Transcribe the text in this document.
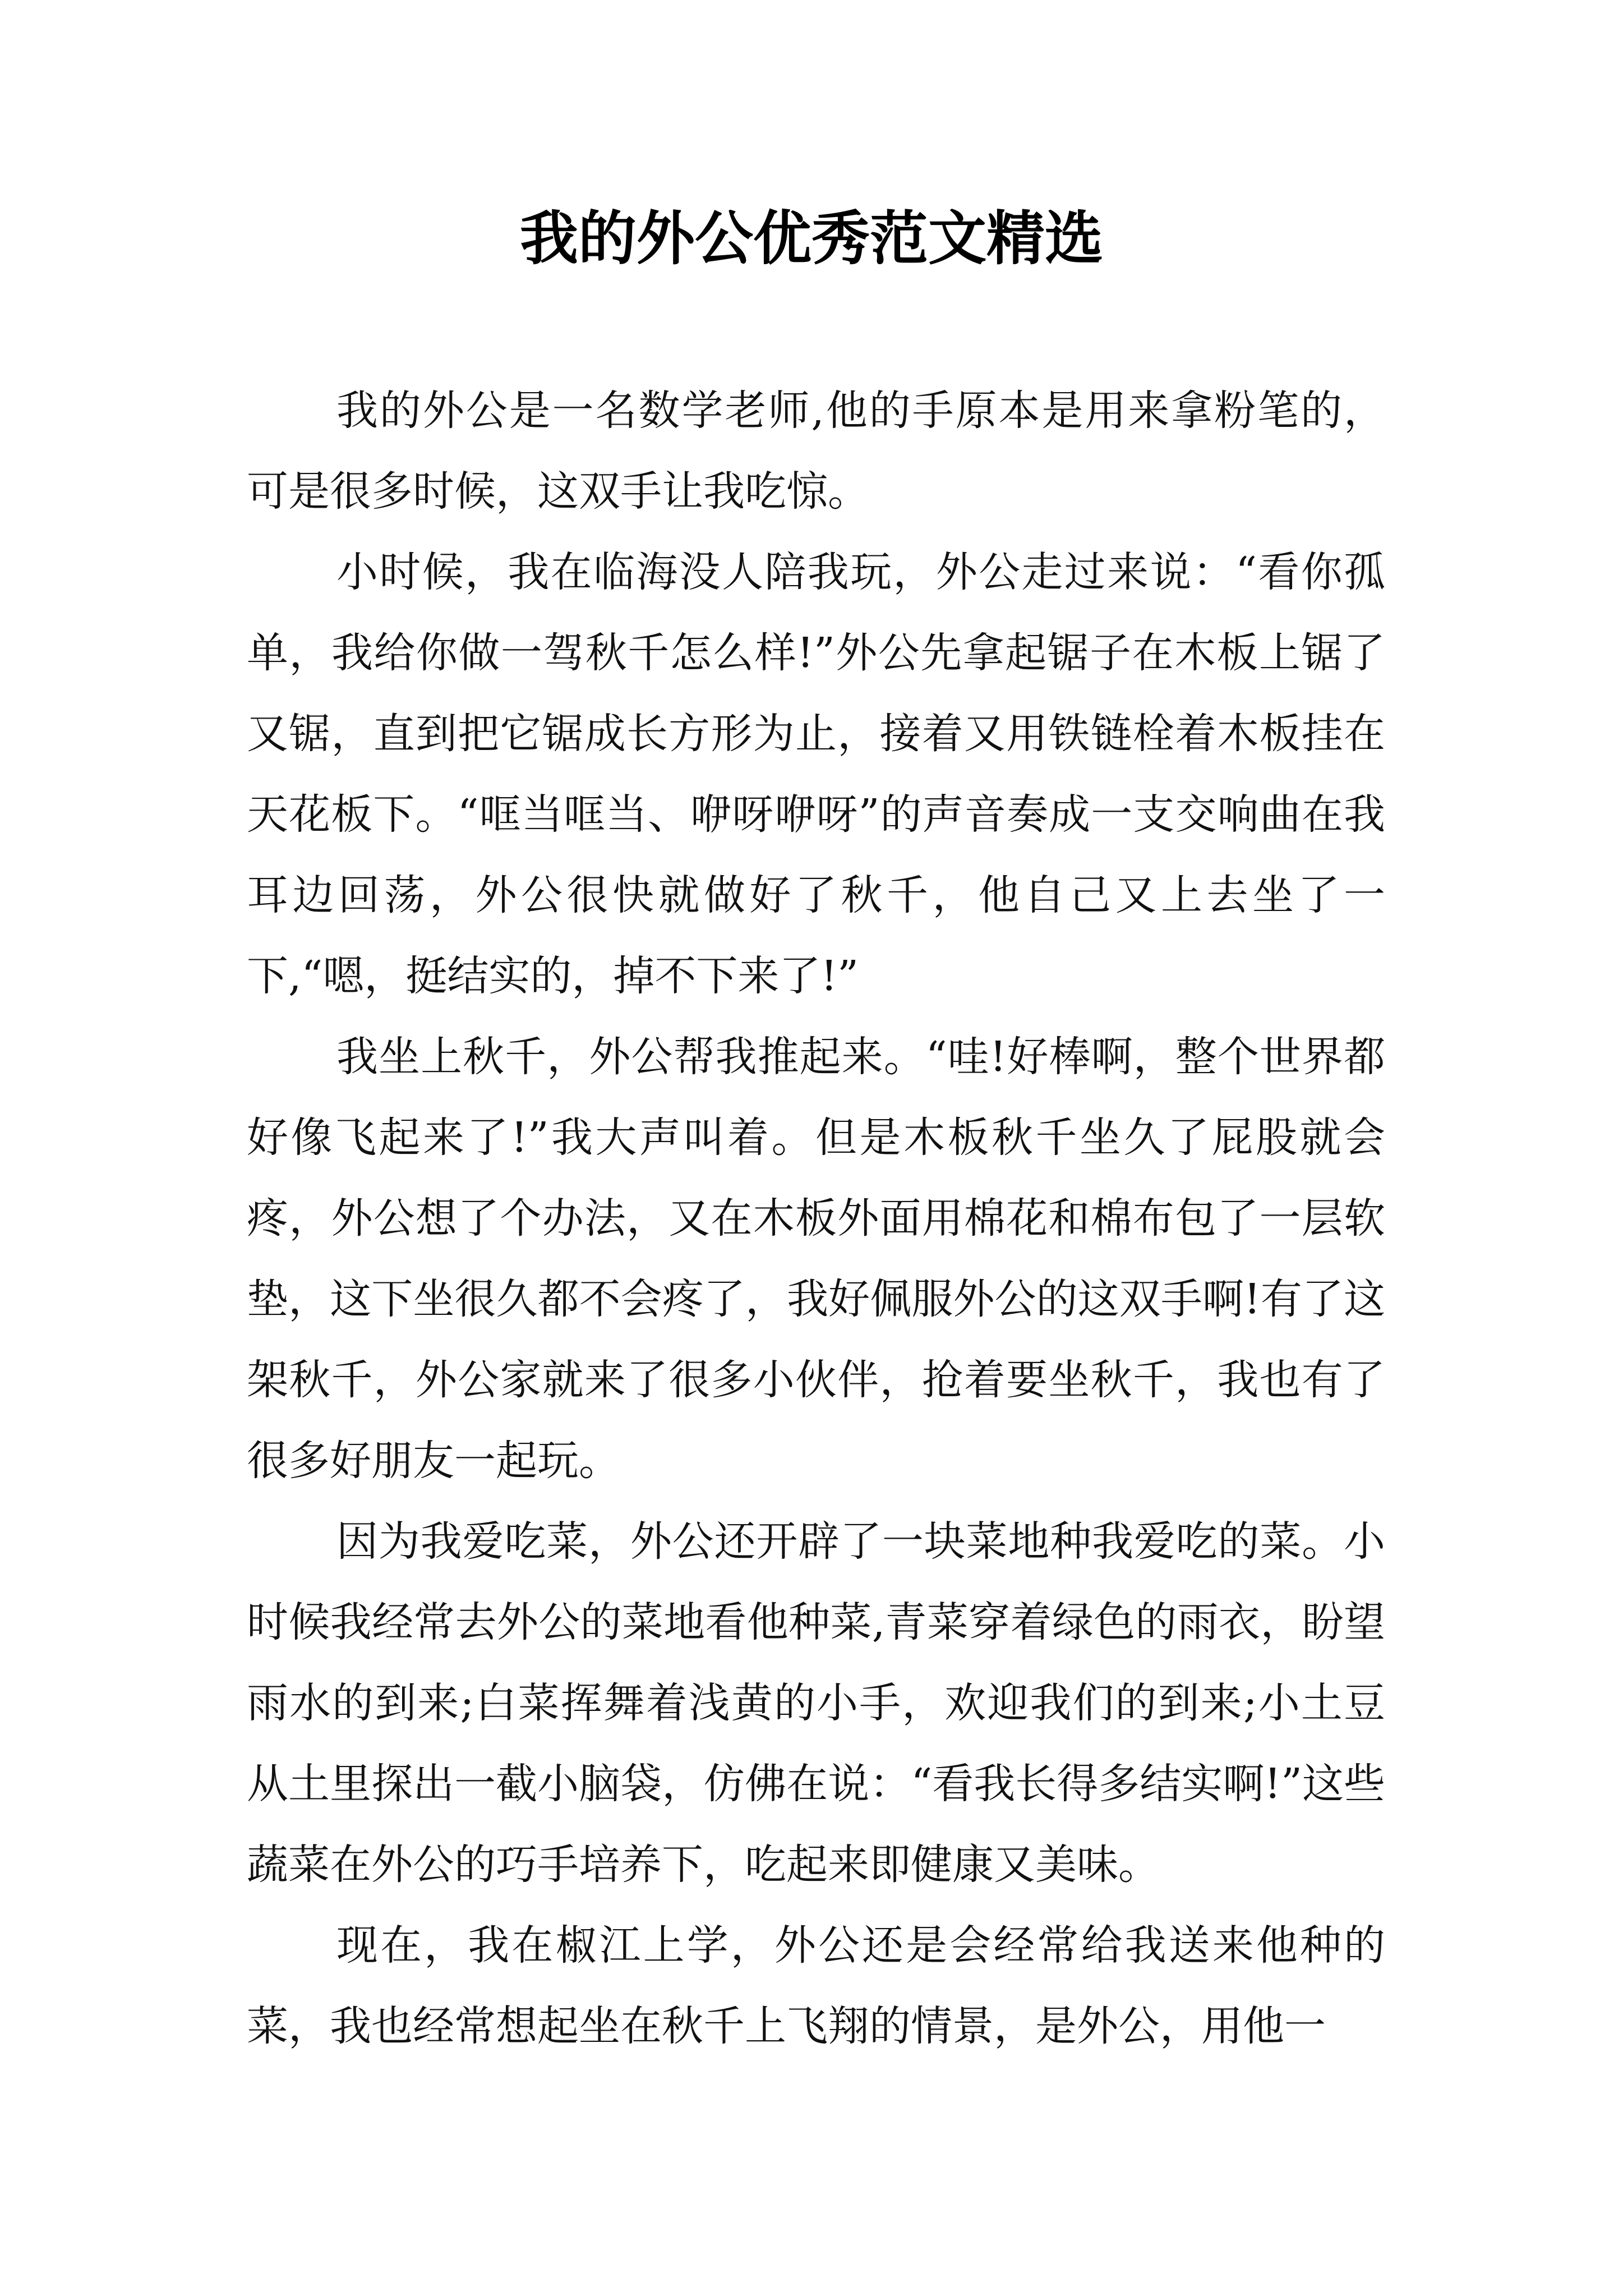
我的外公优秀范文精选

我的外公是一名数学老师,他的手原本是用来拿粉笔的，可是很多时候，这双手让我吃惊。

小时候，我在临海没人陪我玩，外公走过来说：“看你孤单，我给你做一驾秋千怎么样!”外公先拿起锯子在木板上锯了又锯，直到把它锯成长方形为止，接着又用铁链栓着木板挂在天花板下。“哐当哐当、咿呀咿呀”的声音奏成一支交响曲在我耳边回荡，外公很快就做好了秋千，他自己又上去坐了一下,“嗯，挺结实的，掉不下来了!”

我坐上秋千，外公帮我推起来。“哇!好棒啊，整个世界都好像飞起来了!”我大声叫着。但是木板秋千坐久了屁股就会疼，外公想了个办法，又在木板外面用棉花和棉布包了一层软垫，这下坐很久都不会疼了，我好佩服外公的这双手啊!有了这架秋千，外公家就来了很多小伙伴，抢着要坐秋千，我也有了很多好朋友一起玩。

因为我爱吃菜，外公还开辟了一块菜地种我爱吃的菜。小时候我经常去外公的菜地看他种菜,青菜穿着绿色的雨衣，盼望雨水的到来;白菜挥舞着浅黄的小手，欢迎我们的到来;小土豆从土里探出一截小脑袋，仿佛在说：“看我长得多结实啊!”这些蔬菜在外公的巧手培养下，吃起来即健康又美味。

现在，我在椒江上学，外公还是会经常给我送来他种的菜，我也经常想起坐在秋千上飞翔的情景，是外公，用他一
